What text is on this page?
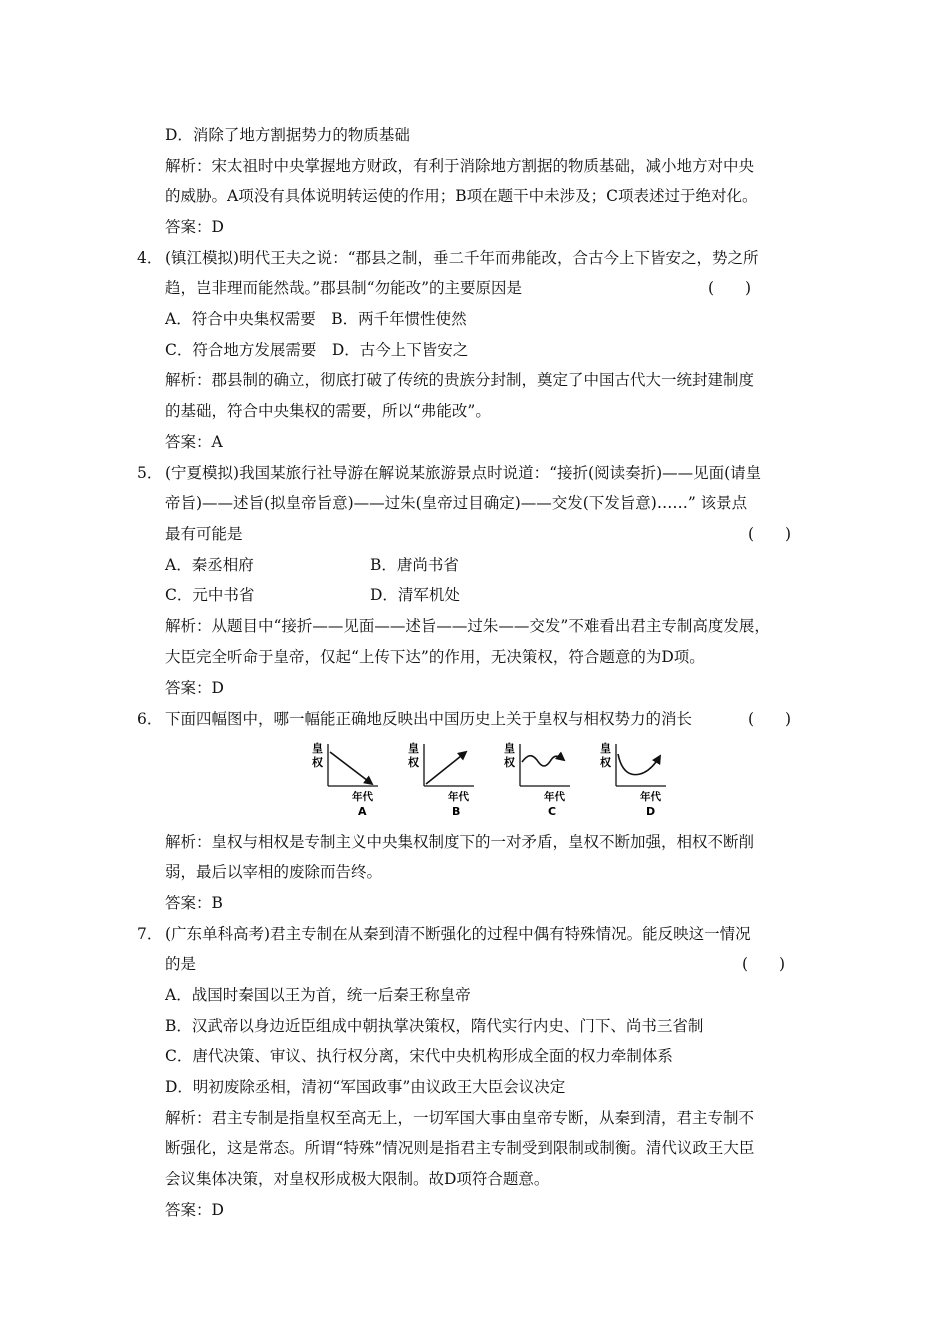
D．消除了地方割据势力的物质基础
解析：宋太祖时中央掌握地方财政，有利于消除地方割据的物质基础，减小地方对中央
的威胁。A项没有具体说明转运使的作用；B项在题干中未涉及；C项表述过于绝对化。
答案：D
4． (镇江模拟)明代王夫之说：“郡县之制，垂二千年而弗能改，合古今上下皆安之，势之所
趋，岂非理而能然哉。”郡县制“勿能改”的主要原因是	(　　)
A．符合中央集权需要　B．两千年惯性使然
C．符合地方发展需要　D．古今上下皆安之
解析：郡县制的确立，彻底打破了传统的贵族分封制，奠定了中国古代大一统封建制度
的基础，符合中央集权的需要，所以“弗能改”。
答案：A
5． (宁夏模拟)我国某旅行社导游在解说某旅游景点时说道：“接折(阅读奏折)——见面(请皇
帝旨)——述旨(拟皇帝旨意)——过朱(皇帝过目确定)——交发(下发旨意)……” 该景点
最有可能是	(　　)
A．秦丞相府	B．唐尚书省
C．元中书省	D．清军机处
解析：从题目中“接折——见面——述旨——过朱——交发”不难看出君主专制高度发展，
大臣完全听命于皇帝，仅起“上传下达”的作用，无决策权，符合题意的为D项。
答案：D
6． 下面四幅图中，哪一幅能正确地反映出中国历史上关于皇权与相权势力的消长	(　　)
皇
权
年代
A
皇
权
年代
B
皇
权
年代
C
皇
权
年代
D
解析：皇权与相权是专制主义中央集权制度下的一对矛盾，皇权不断加强，相权不断削
弱，最后以宰相的废除而告终。
答案：B
7． (广东单科高考)君主专制在从秦到清不断强化的过程中偶有特殊情况。能反映这一情况
的是	(　　)
A．战国时秦国以王为首，统一后秦王称皇帝
B．汉武帝以身边近臣组成中朝执掌决策权，隋代实行内史、门下、尚书三省制
C．唐代决策、审议、执行权分离，宋代中央机构形成全面的权力牵制体系
D．明初废除丞相，清初“军国政事”由议政王大臣会议决定
解析：君主专制是指皇权至高无上，一切军国大事由皇帝专断，从秦到清，君主专制不
断强化，这是常态。所谓“特殊”情况则是指君主专制受到限制或制衡。清代议政王大臣
会议集体决策，对皇权形成极大限制。故D项符合题意。
答案：D
